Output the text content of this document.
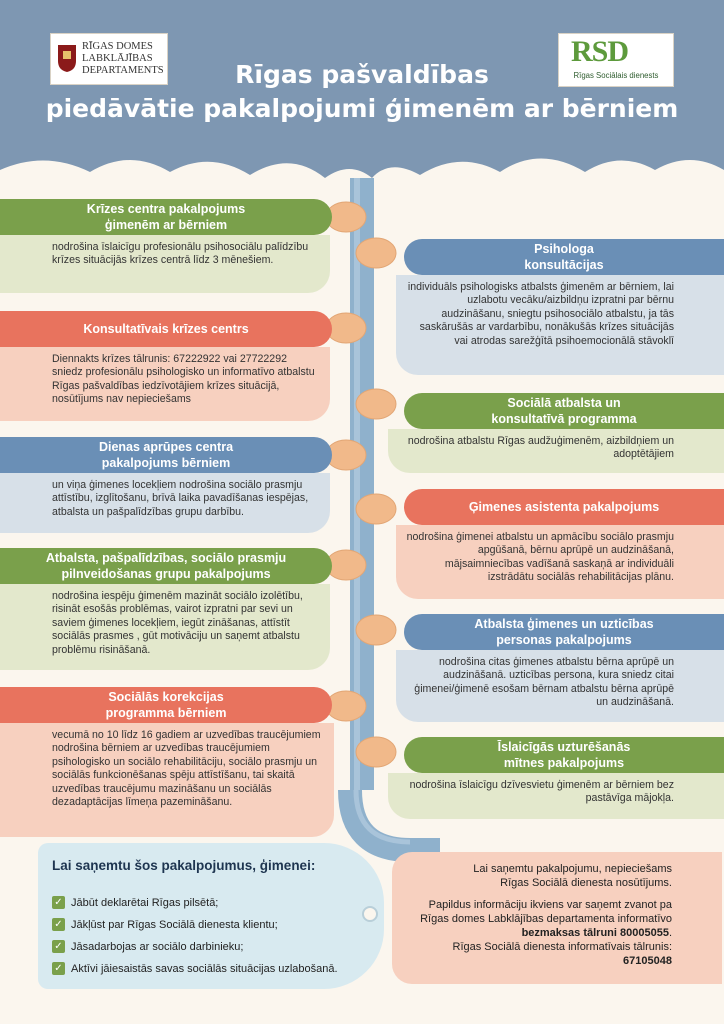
RĪGAS DOMES
LABKLĀJĪBAS
DEPARTAMENTS
RSD
Rīgas Sociālais dienests
Rīgas pašvaldības
piedāvātie pakalpojumi ģimenēm ar bērniem
Krīzes centra pakalpojums
ģimenēm ar bērniem
nodrošina īslaicīgu profesionālu psihosociālu palīdzību krīzes situācijās krīzes centrā līdz 3 mēnešiem.
Konsultatīvais krīzes centrs
Diennakts krīzes tālrunis: 67222922 vai 27722292 sniedz profesionālu psihologisko un informatīvo atbalstu Rīgas pašvaldības iedzīvotājiem krīzes situācijā, nosūtījums nav nepieciešams
Dienas aprūpes centra
pakalpojums bērniem
un viņa ģimenes locekļiem nodrošina sociālo prasmju attīstību, izglītošanu, brīvā laika pavadīšanas iespējas, atbalsta un pašpalīdzības grupu darbību.
Atbalsta, pašpalīdzības, sociālo prasmju
pilnveidošanas grupu pakalpojums
nodrošina iespēju ģimenēm mazināt sociālo izolētību, risināt esošās problēmas, vairot izpratni par sevi un saviem ģimenes locekļiem, iegūt zināšanas, attīstīt sociālās prasmes , gūt motivāciju un saņemt atbalstu problēmu risināšanā.
Sociālās korekcijas
programma bērniem
vecumā no 10 līdz 16 gadiem ar uzvedības traucējumiem nodrošina bērniem ar uzvedības traucējumiem psihologisko un sociālo rehabilitāciju, sociālo prasmju un sociālās funkcionēšanas spēju attīstīšanu, tai skaitā uzvedības traucējumu mazināšanu un sociālās dezadaptācijas līmeņa pazemināšanu.
Psihologa
konsultācijas
individuāls psihologisks atbalsts ģimenēm ar bērniem, lai uzlabotu vecāku/aizbildņu izpratni par bērnu audzināšanu, sniegtu psihosociālo atbalstu, ja tās saskārušās ar vardarbību, nonākušās krīzes situācijās vai atrodas sarežģītā psihoemocionālā stāvoklī
Sociālā atbalsta un
konsultatīvā programma
nodrošina atbalstu Rīgas audžuģimenēm, aizbildņiem un adoptētājiem
Ģimenes asistenta pakalpojums
nodrošina ģimenei atbalstu un apmācību sociālo prasmju apgūšanā, bērnu aprūpē un audzināšanā, mājsaimniecības vadīšanā saskaņā ar individuāli izstrādātu sociālās rehabilitācijas plānu.
Atbalsta ģimenes un uzticības
personas pakalpojums
nodrošina citas ģimenes atbalstu bērna aprūpē un audzināšanā. uzticības persona, kura sniedz citai ģimenei/ģimenē esošam bērnam atbalstu bērna aprūpē un audzināšanā.
Īslaicīgās uzturēšanās
mītnes pakalpojums
nodrošina īslaicīgu dzīvesvietu ģimenēm ar bērniem bez pastāvīga mājokļa.
Lai saņemtu šos pakalpojumus, ģimenei:
✓ Jābūt deklarētai Rīgas pilsētā;
✓ Jākļūst par Rīgas Sociālā dienesta klientu;
✓ Jāsadarbojas ar sociālo darbinieku;
✓ Aktīvi jāiesaistās savas sociālās situācijas uzlabošanā.
Lai saņemtu pakalpojumu, nepieciešams
Rīgas Sociālā dienesta nosūtījums.
Papildus informāciju ikviens var saņemt zvanot pa
Rīgas domes Labklājības departamenta informatīvo
bezmaksas tālruni 80005055.
Rīgas Sociālā dienesta informatīvais tālrunis:
67105048
